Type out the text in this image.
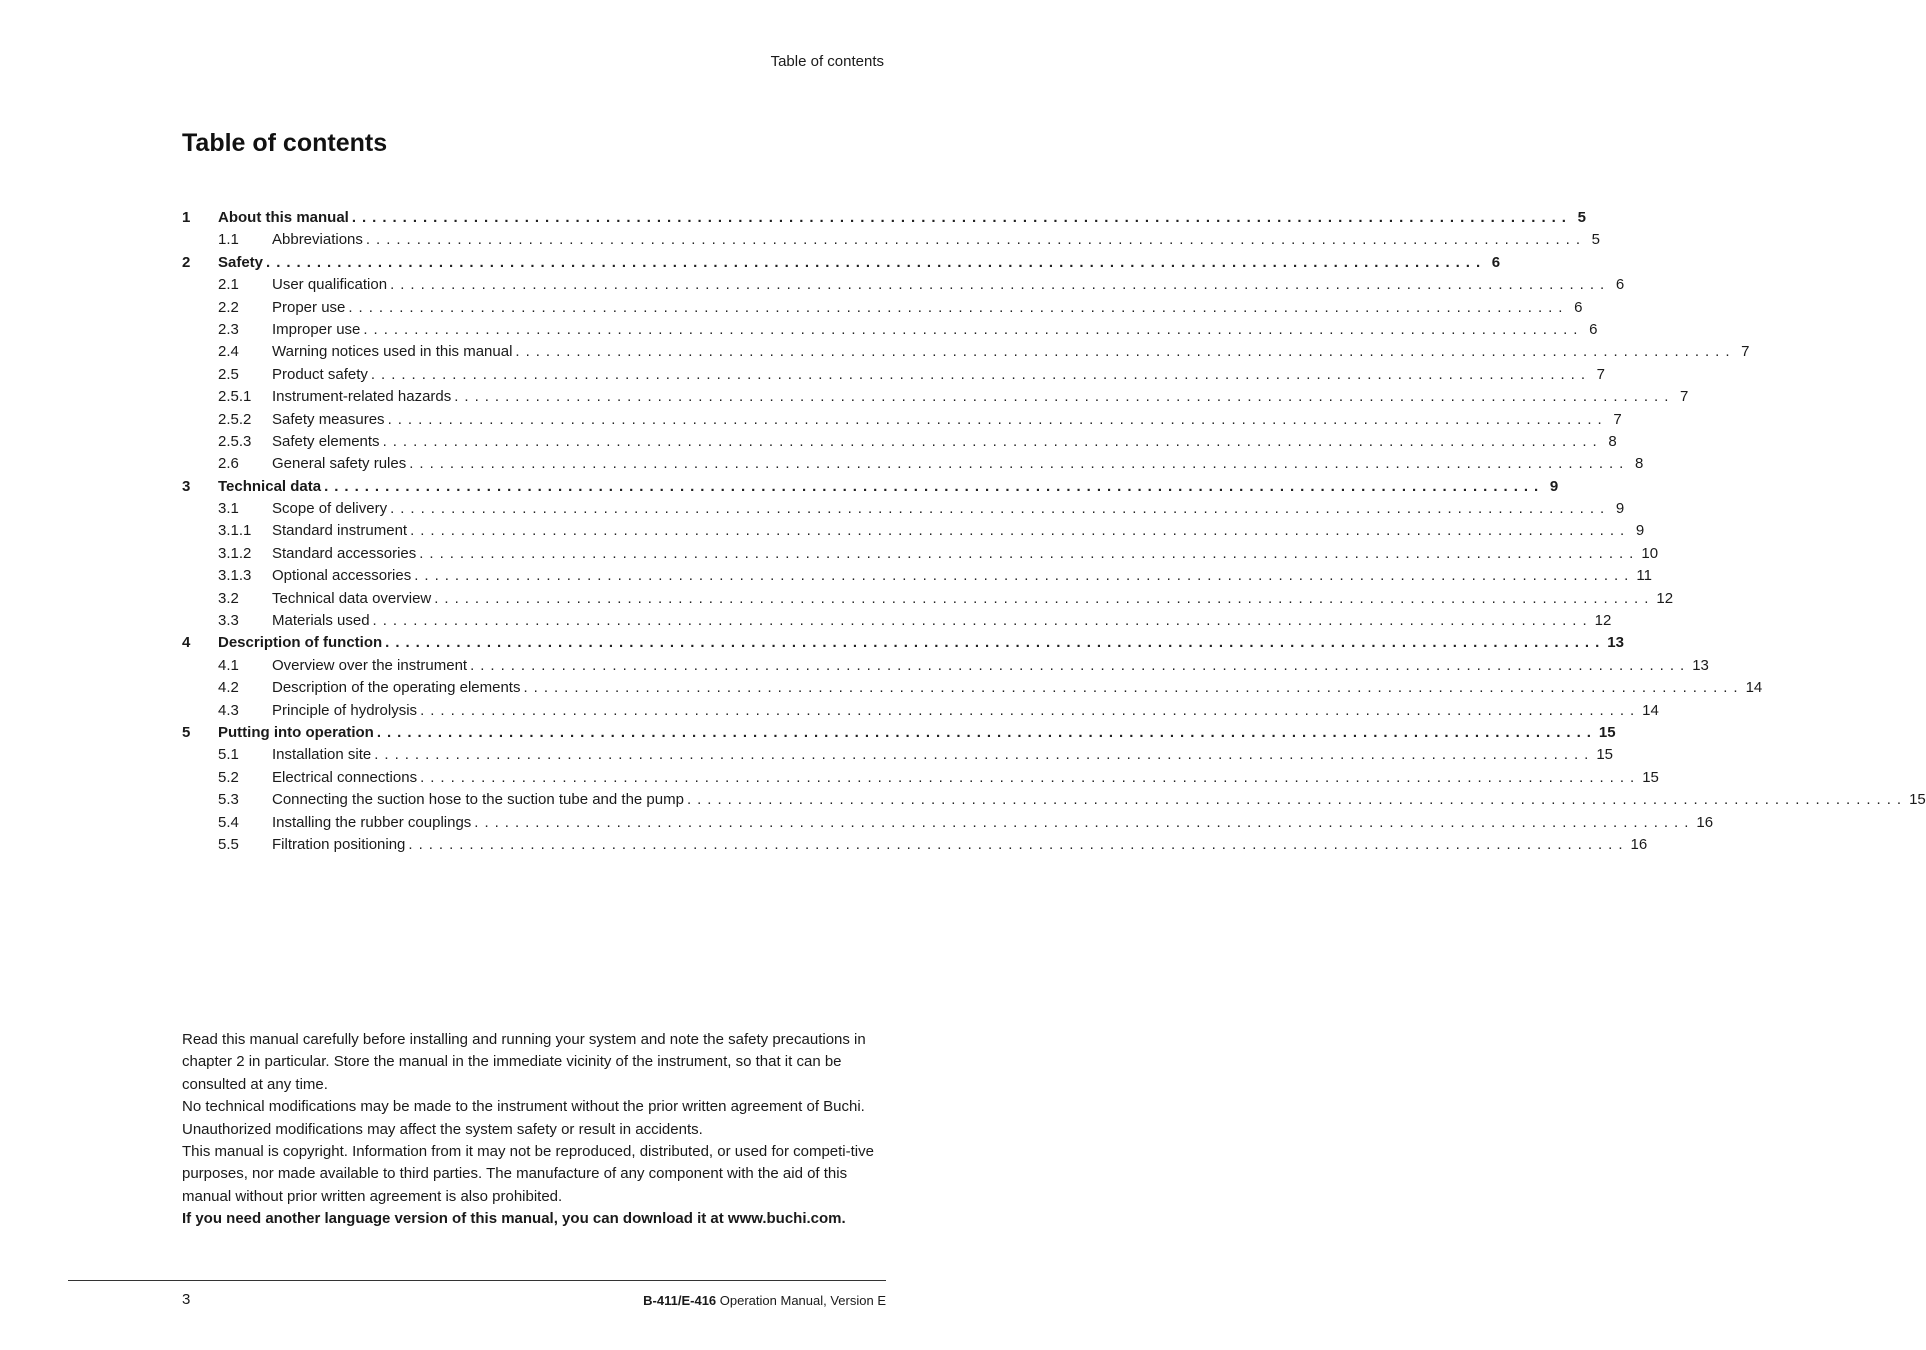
Table of contents
Table of contents
1	About this manual ........................................................................................................................ 5
1.1	Abbreviations ........................................................................................................................ 5
2	Safety ........................................................................................................................ 6
2.1	User qualification ........................................................................................................................ 6
2.2	Proper use ........................................................................................................................ 6
2.3	Improper use ........................................................................................................................ 6
2.4	Warning notices used in this manual ........................................................................................................................ 7
2.5	Product safety ........................................................................................................................ 7
2.5.1	Instrument-related hazards ........................................................................................................................ 7
2.5.2	Safety measures ........................................................................................................................ 7
2.5.3	Safety elements ........................................................................................................................ 8
2.6	General safety rules ........................................................................................................................ 8
3	Technical data ........................................................................................................................ 9
3.1	Scope of delivery ........................................................................................................................ 9
3.1.1	Standard instrument ........................................................................................................................ 9
3.1.2	Standard accessories ........................................................................................................................ 10
3.1.3	Optional accessories ........................................................................................................................ 11
3.2	Technical data overview ........................................................................................................................ 12
3.3	Materials used ........................................................................................................................ 12
4	Description of function ........................................................................................................................ 13
4.1	Overview over the instrument ........................................................................................................................ 13
4.2	Description of the operating elements ........................................................................................................................ 14
4.3	Principle of hydrolysis ........................................................................................................................ 14
5	Putting into operation ........................................................................................................................ 15
5.1	Installation site ........................................................................................................................ 15
5.2	Electrical connections ........................................................................................................................ 15
5.3	Connecting the suction hose to the suction tube and the pump ........................................................................................................................ 15
5.4	Installing the rubber couplings ........................................................................................................................ 16
5.5	Filtration positioning ........................................................................................................................ 16

Read this manual carefully before installing and running your system and note the safety precautions in chapter 2 in particular. Store the manual in the immediate vicinity of the instrument, so that it can be consulted at any time.

No technical modifications may be made to the instrument without the prior written agreement of Buchi. Unauthorized modifications may affect the system safety or result in accidents.

This manual is copyright. Information from it may not be reproduced, distributed, or used for competi-tive purposes, nor made available to third parties. The manufacture of any component with the aid of this manual without prior written agreement is also prohibited.

If you need another language version of this manual, you can download it at www.buchi.com.

3	B-411/E-416 Operation Manual, Version E
